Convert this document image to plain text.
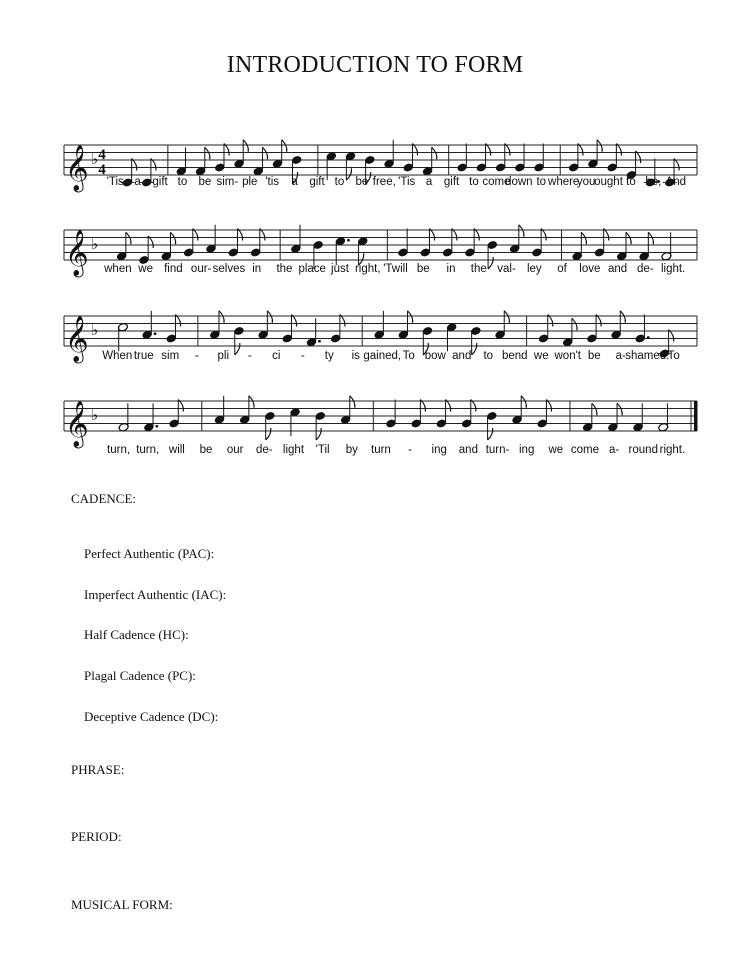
INTRODUCTION TO FORM
𝄞 ♭ 4
4
'Tis a gift to be sim- ple 'tis a gift to be free, 'Tis a gift to come
down to where
you
ought to be, And
𝄞 ♭
when we find our- selves in the place just right, 'Twill be in the val- ley of love and de- light.
𝄞 ♭
When true sim - pli - ci - ty is gained, To bow and to bend we won't be a- shamed.
To
𝄞 ♭
turn, turn, will be our de- light 'Til by turn - ing and turn- ing we come a- round right.
CADENCE:
Perfect Authentic (PAC):
Imperfect Authentic (IAC):
Half Cadence (HC):
Plagal Cadence (PC):
Deceptive Cadence (DC):
PHRASE:
PERIOD:
MUSICAL FORM:
